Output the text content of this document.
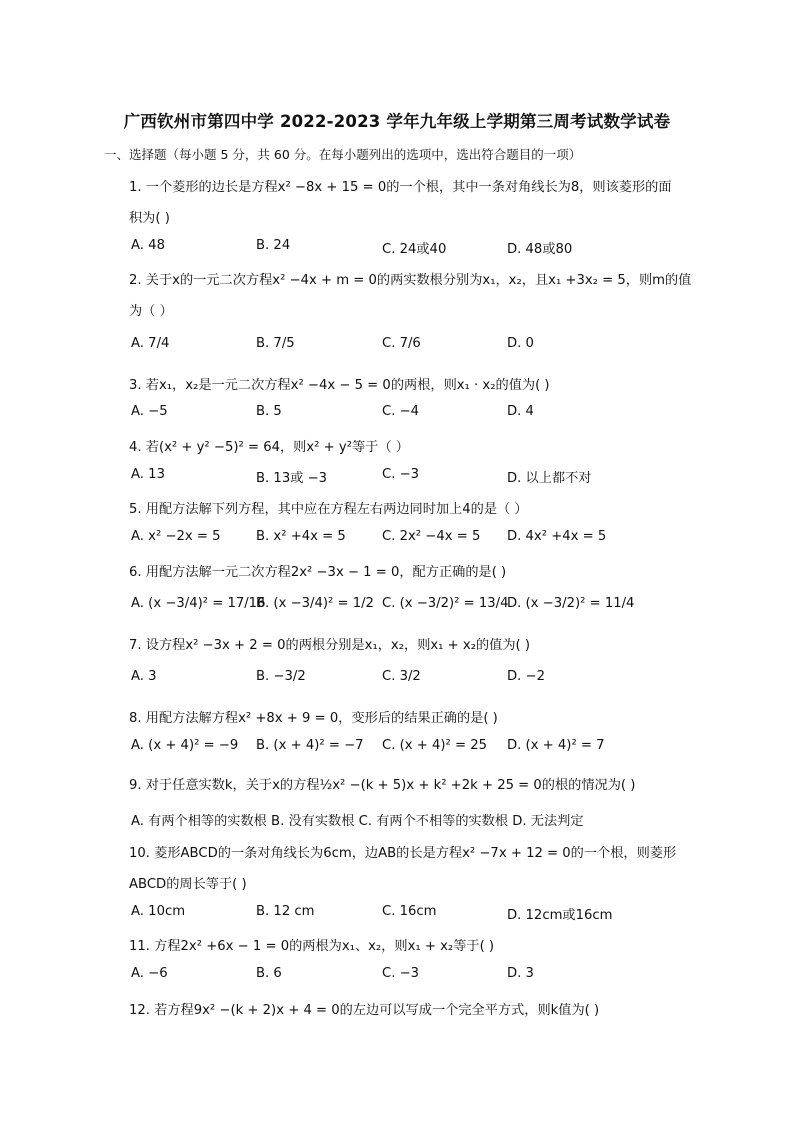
广西钦州市第四中学 2022-2023 学年九年级上学期第三周考试数学试卷
一、选择题（每小题 5 分，共 60 分。在每小题列出的选项中，选出符合题目的一项）
1. 一个菱形的边长是方程x² −8x + 15 = 0的一个根，其中一条对角线长为8，则该菱形的面
积为( )
A. 48	B. 24	C. 24或40	D. 48或80
2. 关于x的一元二次方程x² −4x + m = 0的两实数根分别为x₁，x₂，且x₁ +3x₂ = 5，则m的值
为（ ）
A. 7/4	B. 7/5	C. 7/6	D. 0
3. 若x₁，x₂是一元二次方程x² −4x − 5 = 0的两根，则x₁ · x₂的值为( )
A. −5	B. 5	C. −4	D. 4
4. 若(x² + y² −5)² = 64，则x² + y²等于（ ）
A. 13	B. 13或 −3	C. −3	D. 以上都不对
5. 用配方法解下列方程，其中应在方程左右两边同时加上4的是（ ）
A. x² −2x = 5	B. x² +4x = 5	C. 2x² −4x = 5 D. 4x² +4x = 5
6. 用配方法解一元二次方程2x² −3x − 1 = 0，配方正确的是( )
A. (x −3/4)² = 17/16
B. (x −3/4)² = 1/2 C. (x −3/2)² = 13/4
D. (x −3/2)² = 11/4
7. 设方程x² −3x + 2 = 0的两根分别是x₁，x₂，则x₁ + x₂的值为( )
A. 3	B. −3/2	C. 3/2	D. −2
8. 用配方法解方程x² +8x + 9 = 0，变形后的结果正确的是( )
A. (x + 4)² = −9 B. (x + 4)² = −7 C. (x + 4)² = 25 D. (x + 4)² = 7
9. 对于任意实数k，关于x的方程½x² −(k + 5)x + k² +2k + 25 = 0的根的情况为( )
A. 有两个相等的实数根 B. 没有实数根 C. 有两个不相等的实数根 D. 无法判定
10. 菱形ABCD的一条对角线长为6cm，边AB的长是方程x² −7x + 12 = 0的一个根，则菱形
ABCD的周长等于( )
A. 10cm	B. 12 cm	C. 16cm	D. 12cm或16cm
11. 方程2x² +6x − 1 = 0的两根为x₁、x₂，则x₁ + x₂等于( )
A. −6	B. 6	C. −3	D. 3
12. 若方程9x² −(k + 2)x + 4 = 0的左边可以写成一个完全平方式，则k值为( )
